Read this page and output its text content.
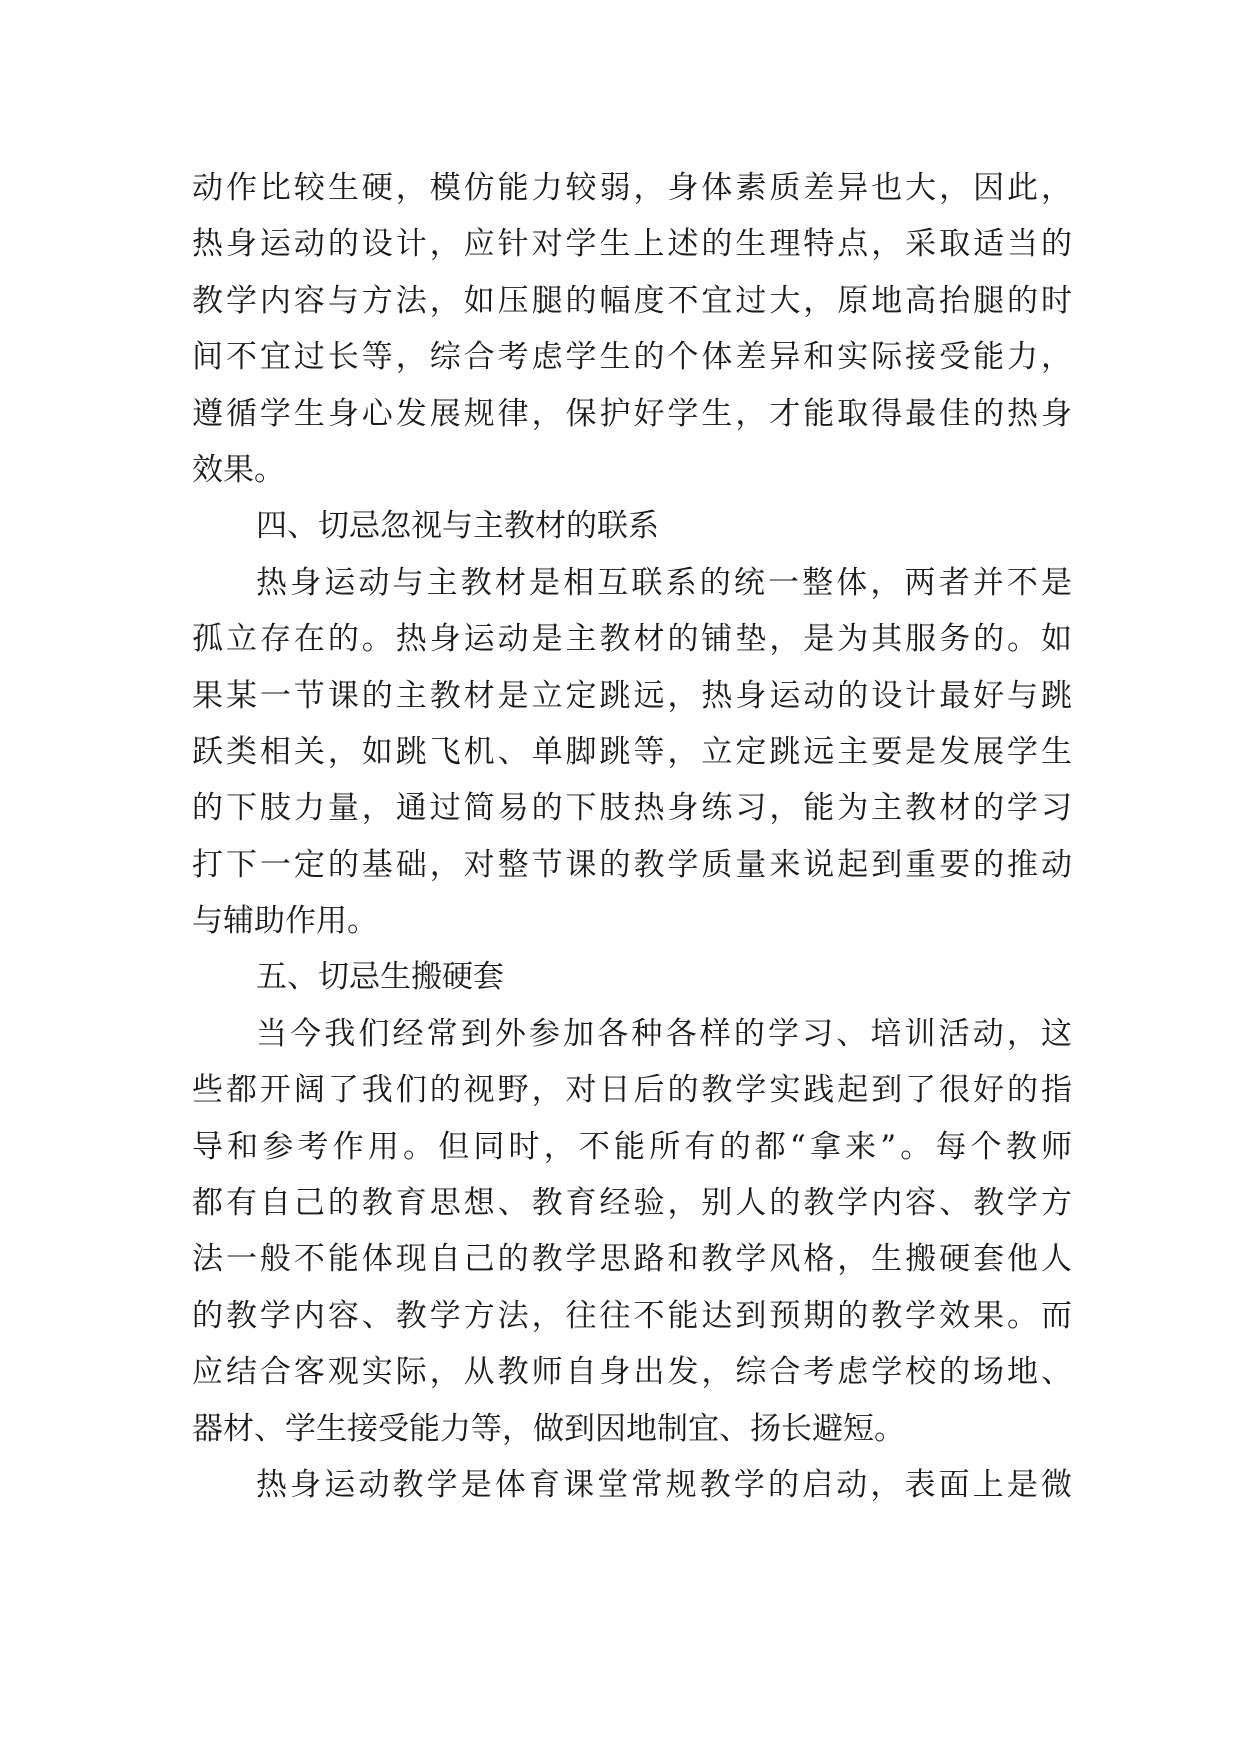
动作比较生硬，模仿能力较弱，身体素质差异也大，因此，
热身运动的设计，应针对学生上述的生理特点，采取适当的
教学内容与方法，如压腿的幅度不宜过大，原地高抬腿的时
间不宜过长等，综合考虑学生的个体差异和实际接受能力，
遵循学生身心发展规律，保护好学生，才能取得最佳的热身
效果。
四、切忌忽视与主教材的联系
热身运动与主教材是相互联系的统一整体，两者并不是
孤立存在的。热身运动是主教材的铺垫，是为其服务的。如
果某一节课的主教材是立定跳远，热身运动的设计最好与跳
跃类相关，如跳飞机、单脚跳等，立定跳远主要是发展学生
的下肢力量，通过简易的下肢热身练习，能为主教材的学习
打下一定的基础，对整节课的教学质量来说起到重要的推动
与辅助作用。
五、切忌生搬硬套
当今我们经常到外参加各种各样的学习、培训活动，这
些都开阔了我们的视野，对日后的教学实践起到了很好的指
导和参考作用。但同时，不能所有的都“拿来”。每个教师
都有自己的教育思想、教育经验，别人的教学内容、教学方
法一般不能体现自己的教学思路和教学风格，生搬硬套他人
的教学内容、教学方法，往往不能达到预期的教学效果。而
应结合客观实际，从教师自身出发，综合考虑学校的场地、
器材、学生接受能力等，做到因地制宜、扬长避短。
热身运动教学是体育课堂常规教学的启动，表面上是微
